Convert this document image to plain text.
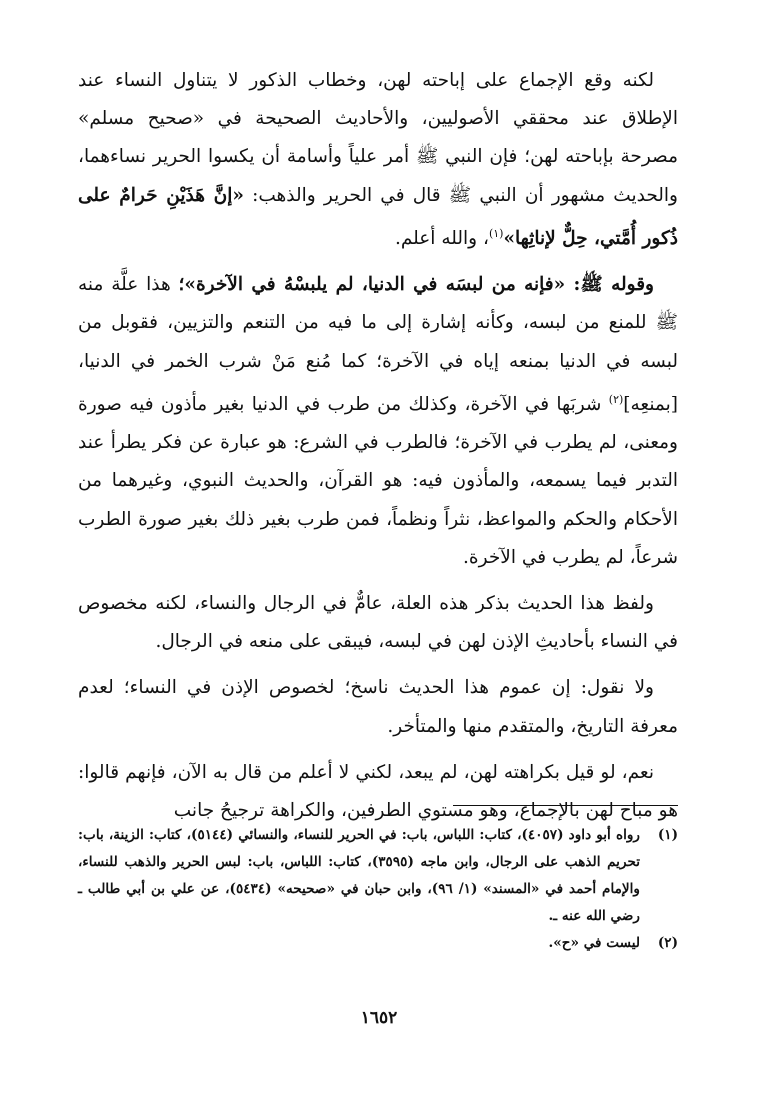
لكنه وقع الإجماع على إباحته لهن، وخطاب الذكور لا يتناول النساء عند الإطلاق عند محققي الأصوليين، والأحاديث الصحيحة في «صحيح مسلم» مصرحة بإباحته لهن؛ فإن النبي ﷺ أمر علياً وأسامة أن يكسوا الحرير نساءهما، والحديث مشهور أن النبي ﷺ قال في الحرير والذهب: «إنَّ هَذَيْنِ حَرامٌ على ذُكور أُمَّتي، حِلٌّ لإناثِها»$^{(١)}$، والله أعلم.

وقوله ﷺ: «فإنه من لبسَه في الدنيا، لم يلبسْهُ في الآخرة»؛ هذا علَّة منه ﷺ للمنع من لبسه، وكأنه إشارة إلى ما فيه من التنعم والتزيين، فقوبل من لبسه في الدنيا بمنعه إياه في الآخرة؛ كما مُنع مَنْ شرب الخمر في الدنيا، [بمنعِه]$^{(٢)}$ شربَها في الآخرة، وكذلك من طرب في الدنيا بغير مأذون فيه صورة ومعنى، لم يطرب في الآخرة؛ فالطرب في الشرع: هو عبارة عن فكر يطرأ عند التدبر فيما يسمعه، والمأذون فيه: هو القرآن، والحديث النبوي، وغيرهما من الأحكام والحكم والمواعظ، نثراً ونظماً، فمن طرب بغير ذلك بغير صورة الطرب شرعاً، لم يطرب في الآخرة.

ولفظ هذا الحديث بذكر هذه العلة، عامٌّ في الرجال والنساء، لكنه مخصوص في النساء بأحاديثِ الإذن لهن في لبسه، فيبقى على منعه في الرجال.

ولا نقول: إن عموم هذا الحديث ناسخ؛ لخصوص الإذن في النساء؛ لعدم معرفة التاريخ، والمتقدم منها والمتأخر.

نعم، لو قيل بكراهته لهن، لم يبعد، لكني لا أعلم من قال به الآن، فإنهم قالوا: هو مباح لهن بالإجماع، وهو مستوي الطرفين، والكراهة ترجيحُ جانب

(١)
رواه أبو داود (٤٠٥٧)، كتاب: اللباس، باب: في الحرير للنساء، والنسائي (٥١٤٤)، كتاب: الزينة، باب: تحريم الذهب على الرجال، وابن ماجه (٣٥٩٥)، كتاب: اللباس، باب: لبس الحرير والذهب للنساء، والإمام أحمد في «المسند» (١/ ٩٦)، وابن حبان في «صحيحه» (٥٤٣٤)، عن علي بن أبي طالب ـ رضي الله عنه ـ.
(٢)
ليست في «ح».
١٦٥٢
